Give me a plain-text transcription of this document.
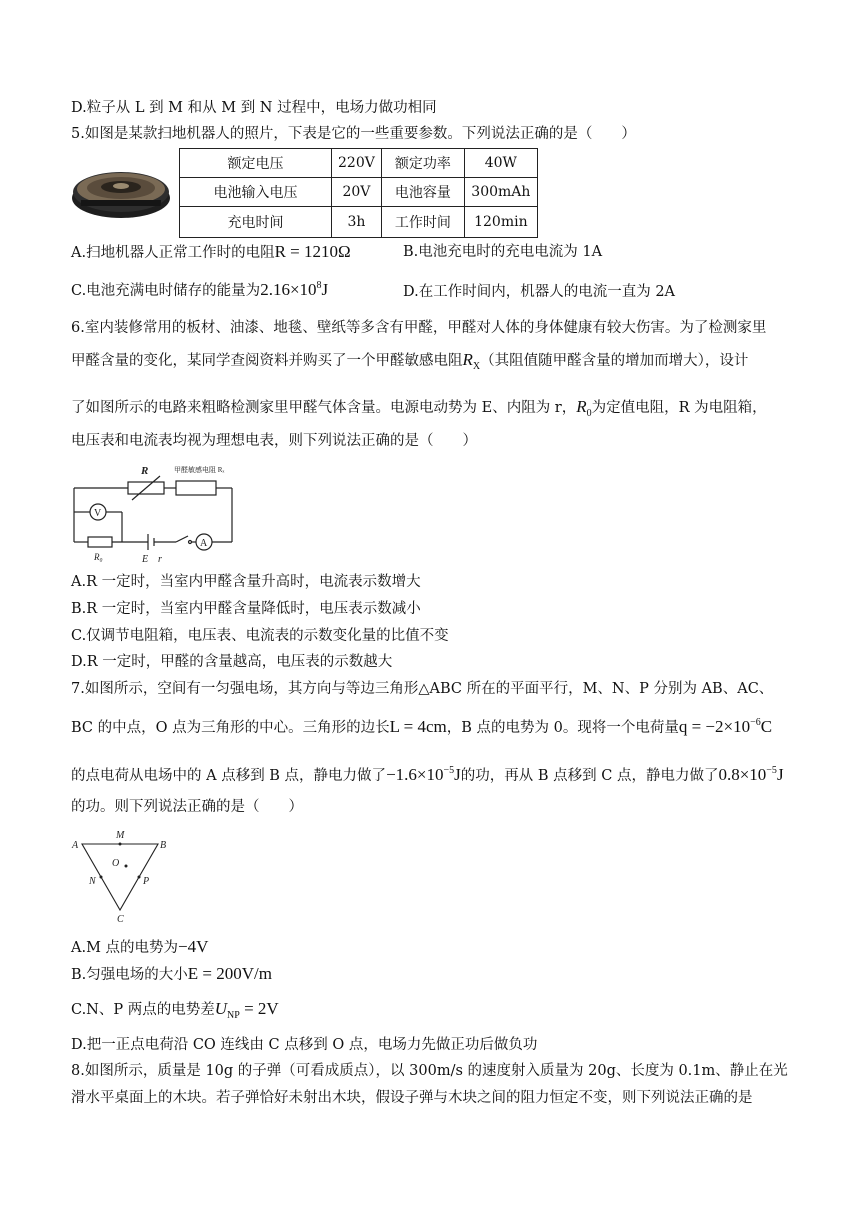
D.粒子从 L 到 M 和从 M 到 N 过程中，电场力做功相同
5.如图是某款扫地机器人的照片，下表是它的一些重要参数。下列说法正确的是（　　）
额定电压	220V	额定功率	40W
电池输入电压	20V	电池容量	300mAh
充电时间	3h	工作时间	120min
A.扫地机器人正常工作时的电阻R = 1210Ω	B.电池充电时的充电电流为 1A
C.电池充满电时储存的能量为$2.16\times 10^8J$	D.在工作时间内，机器人的电流一直为 2A
6.室内装修常用的板材、油漆、地毯、壁纸等多含有甲醛，甲醛对人体的身体健康有较大伤害。为了检测家里
甲醛含量的变化，某同学查阅资料并购买了一个甲醛敏感电阻$R_X$（其阻值随甲醛含量的增加而增大），设计
了如图所示的电路来粗略检测家里甲醛气体含量。电源电动势为 E、内阻为 r，$R_0$为定值电阻，R 为电阻箱，
电压表和电流表均视为理想电表，则下列说法正确的是（　　）
R	甲醛敏感电阻 Rₓ
V
A
R₀	E r
A.R 一定时，当室内甲醛含量升高时，电流表示数增大
B.R 一定时，当室内甲醛含量降低时，电压表示数减小
C.仅调节电阻箱，电压表、电流表的示数变化量的比值不变
D.R 一定时，甲醛的含量越高，电压表的示数越大
7.如图所示，空间有一匀强电场，其方向与等边三角形△ABC 所在的平面平行，M、N、P 分别为 AB、AC、
BC 的中点，O 点为三角形的中心。三角形的边长L = 4cm，B 点的电势为 0。现将一个电荷量$q = -2\times 10^{-6}C$
的点电荷从电场中的 A 点移到 B 点，静电力做了$-1.6\times 10^{-5}J$的功，再从 B 点移到 C 点，静电力做了$0.8\times 10^{-5}J$
的功。则下列说法正确的是（　　）
A	B
C
M
N	P
O
A.M 点的电势为−4V
B.匀强电场的大小E = 200V/m
C.N、P 两点的电势差$U_{NP} = 2V$
D.把一正点电荷沿 CO 连线由 C 点移到 O 点，电场力先做正功后做负功
8.如图所示，质量是 10g 的子弹（可看成质点），以 300m/s 的速度射入质量为 20g、长度为 0.1m、静止在光
滑水平桌面上的木块。若子弹恰好未射出木块，假设子弹与木块之间的阻力恒定不变，则下列说法正确的是
